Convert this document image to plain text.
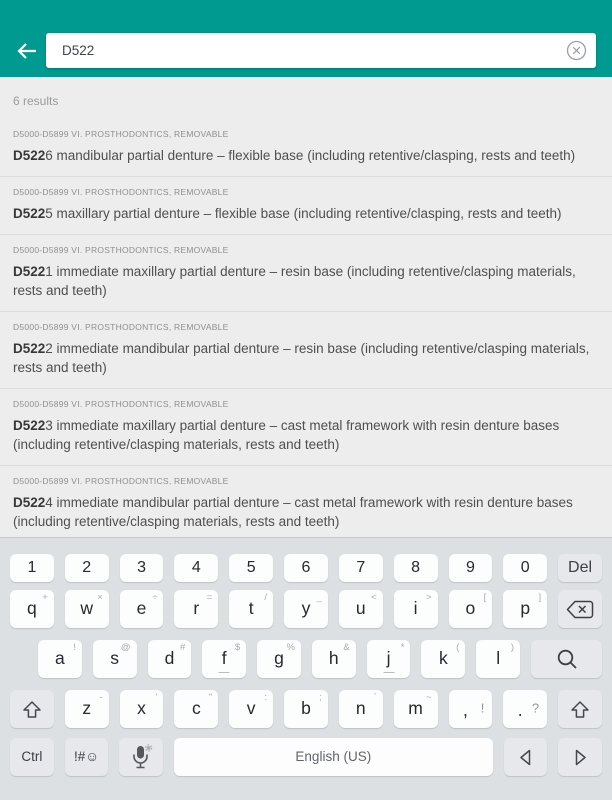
D522
6 results
D5000-D5899 VI. PROSTHODONTICS, REMOVABLE
D5226 mandibular partial denture – flexible base (including retentive/clasping, rests and teeth)
D5000-D5899 VI. PROSTHODONTICS, REMOVABLE
D5225 maxillary partial denture – flexible base (including retentive/clasping, rests and teeth)
D5000-D5899 VI. PROSTHODONTICS, REMOVABLE
D5221 immediate maxillary partial denture – resin base (including retentive/clasping materials, rests and teeth)
D5000-D5899 VI. PROSTHODONTICS, REMOVABLE
D5222 immediate mandibular partial denture – resin base (including retentive/clasping materials, rests and teeth)
D5000-D5899 VI. PROSTHODONTICS, REMOVABLE
D5223 immediate maxillary partial denture – cast metal framework with resin denture bases (including retentive/clasping materials, rests and teeth)
D5000-D5899 VI. PROSTHODONTICS, REMOVABLE
D5224 immediate mandibular partial denture – cast metal framework with resin denture bases (including retentive/clasping materials, rests and teeth)
1	2	3	4	5	6	7	8	9	0 Del
q
+
w
×
e
÷
r
=
t
/
y
_
u
<
i
>
o
[
p
]
a
!
s
@
d
#
f
$
g
%
h
&
j
*
k
(
l
)
z
-
x
'
c
"
v
:
b
;
n
`
m
~
, ! . ?
Ctrl !#☺	English (US)
